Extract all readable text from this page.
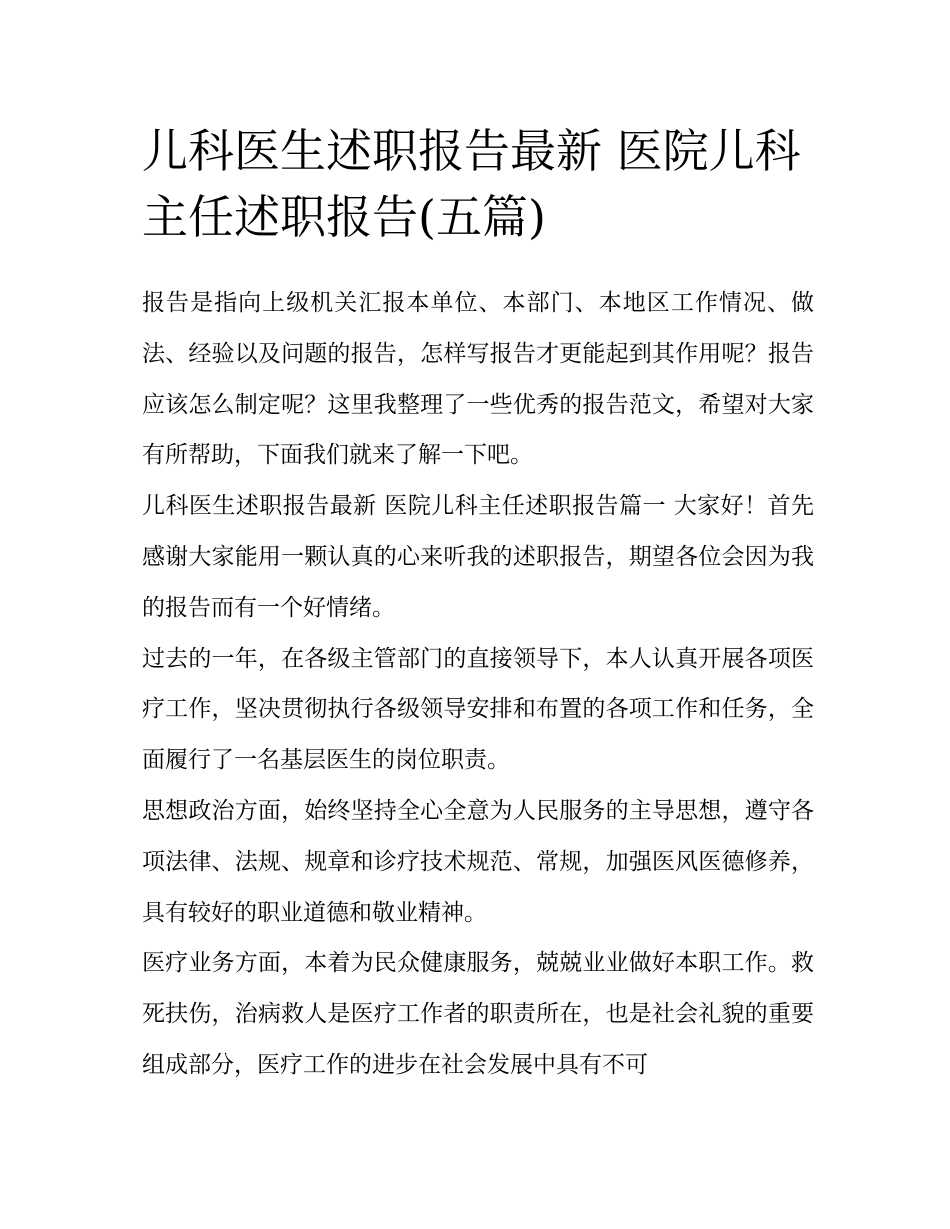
儿科医生述职报告最新 医院儿科主任述职报告(五篇)

报告是指向上级机关汇报本单位、本部门、本地区工作情况、做法、经验以及问题的报告，怎样写报告才更能起到其作用呢？报告应该怎么制定呢？这里我整理了一些优秀的报告范文，希望对大家有所帮助，下面我们就来了解一下吧。

儿科医生述职报告最新 医院儿科主任述职报告篇一 大家好！首先感谢大家能用一颗认真的心来听我的述职报告，期望各位会因为我的报告而有一个好情绪。

过去的一年，在各级主管部门的直接领导下，本人认真开展各项医疗工作，坚决贯彻执行各级领导安排和布置的各项工作和任务，全面履行了一名基层医生的岗位职责。

思想政治方面，始终坚持全心全意为人民服务的主导思想，遵守各项法律、法规、规章和诊疗技术规范、常规，加强医风医德修养，具有较好的职业道德和敬业精神。

医疗业务方面，本着为民众健康服务，兢兢业业做好本职工作。救死扶伤，治病救人是医疗工作者的职责所在，也是社会礼貌的重要组成部分，医疗工作的进步在社会发展中具有不可
